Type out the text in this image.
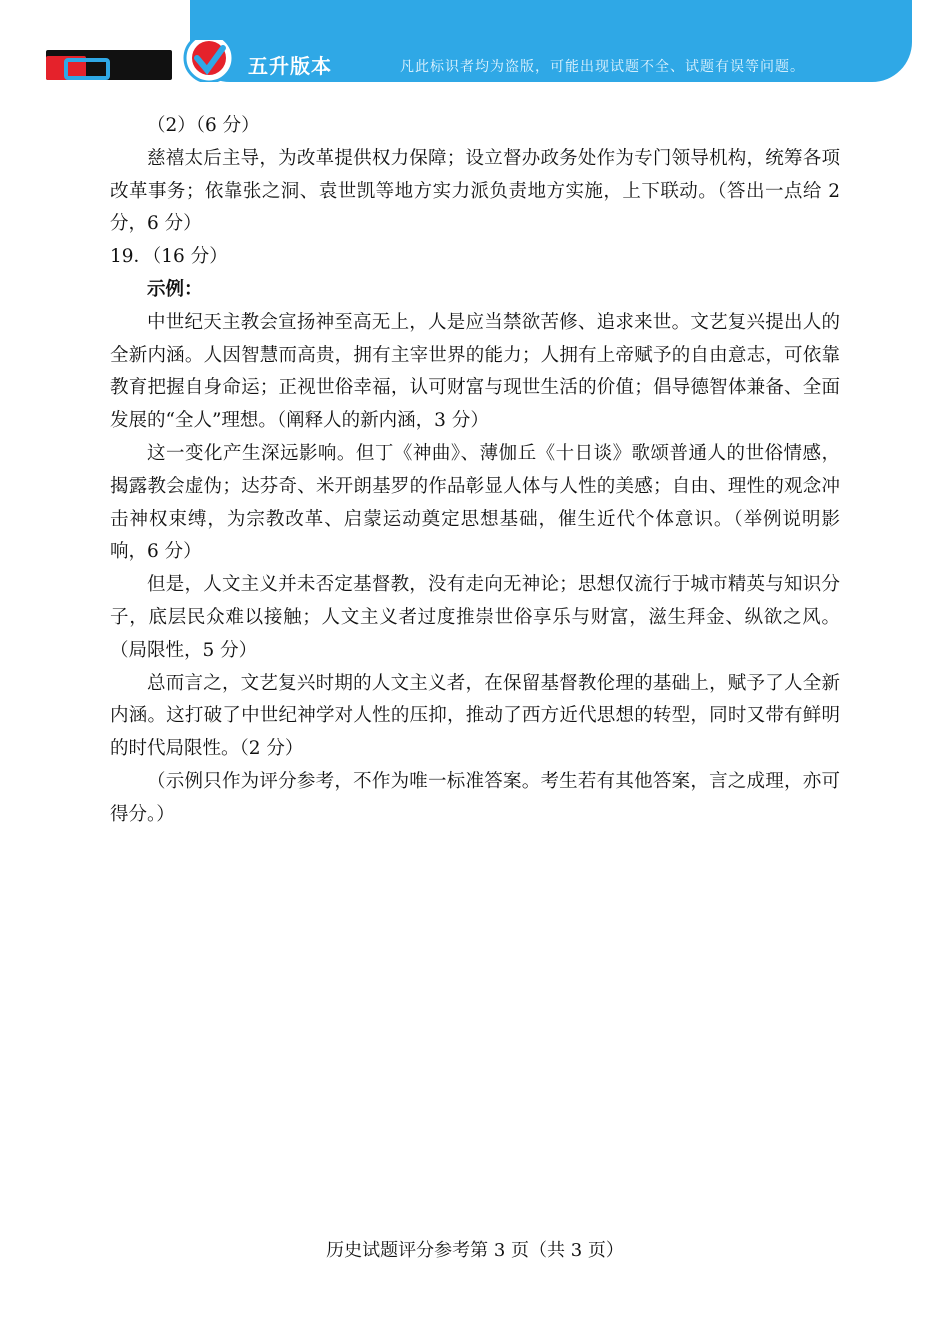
五升版本	凡此标识者均为盗版，可能出现试题不全、试题有误等问题。

（2）（6 分）

慈禧太后主导，为改革提供权力保障；设立督办政务处作为专门领导机构，统筹各项改革事务；依靠张之洞、袁世凯等地方实力派负责地方实施，上下联动。（答出一点给 2 分，6 分）

19．（16 分）

示例：

中世纪天主教会宣扬神至高无上，人是应当禁欲苦修、追求来世。文艺复兴提出人的全新内涵。人因智慧而高贵，拥有主宰世界的能力；人拥有上帝赋予的自由意志，可依靠教育把握自身命运；正视世俗幸福，认可财富与现世生活的价值；倡导德智体兼备、全面发展的“全人”理想。（阐释人的新内涵，3 分）

这一变化产生深远影响。但丁《神曲》、薄伽丘《十日谈》歌颂普通人的世俗情感，揭露教会虚伪；达芬奇、米开朗基罗的作品彰显人体与人性的美感；自由、理性的观念冲击神权束缚，为宗教改革、启蒙运动奠定思想基础，催生近代个体意识。（举例说明影响，6 分）

但是，人文主义并未否定基督教，没有走向无神论；思想仅流行于城市精英与知识分子，底层民众难以接触；人文主义者过度推崇世俗享乐与财富，滋生拜金、纵欲之风。（局限性，5 分）

总而言之，文艺复兴时期的人文主义者，在保留基督教伦理的基础上，赋予了人全新内涵。这打破了中世纪神学对人性的压抑，推动了西方近代思想的转型，同时又带有鲜明的时代局限性。（2 分）

（示例只作为评分参考，不作为唯一标准答案。考生若有其他答案，言之成理，亦可得分。）

历史试题评分参考第 3 页（共 3 页）
